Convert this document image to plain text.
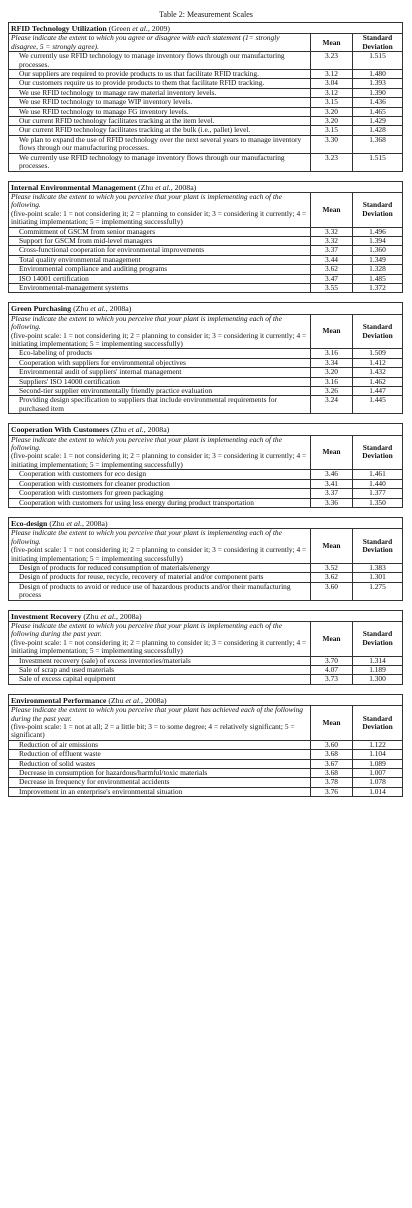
Table 2: Measurement Scales
RFID Technology Utilization (Green et al., 2009)		
Please indicate the extent to which you agree or disagree with each statement (1= strongly disagree, 5 = strongly agree).	Mean	Standard Deviation
We currently use RFID technology to manage inventory flows through our manufacturing processes.	3.23	1.515
Our suppliers are required to provide products to us that facilitate RFID tracking.	3.12	1.480
Our customers require us to provide products to them that facilitate RFID tracking.	3.04	1.393
We use RFID technology to manage raw material inventory levels.	3.12	1.390
We use RFID technology to manage WIP inventory levels.	3.15	1.436
We use RFID technology to manage FG inventory levels.	3.20	1.465
Our current RFID technology facilitates tracking at the item level.	3.20	1.429
Our current RFID technology facilitates tracking at the bulk (i.e., pallet) level.	3.15	1.428
We plan to expand the use of RFID technology over the next several years to manage inventory flows through our manufacturing processes.	3.30	1.368
We currently use RFID technology to manage inventory flows through our manufacturing processes.	3.23	1.515
Internal Environmental Management (Zhu et al., 2008a)		
Please indicate the extent to which you perceive that your plant is implementing each of the following.
(five-point scale: 1 = not considering it; 2 = planning to consider it; 3 = considering it currently; 4 = initiating implementation; 5 = implementing successfully)	Mean	Standard Deviation
Commitment of GSCM from senior managers	3.32	1.496
Support for GSCM from mid-level managers	3.32	1.394
Cross-functional cooperation for environmental improvements	3.37	1.360
Total quality environmental management	3.44	1.349
Environmental compliance and auditing programs	3.62	1.328
ISO 14001 certification	3.47	1.485
Environmental-management systems	3.55	1.372
Green Purchasing (Zhu et al., 2008a)		
Please indicate the extent to which you perceive that your plant is implementing each of the following.
(five-point scale: 1 = not considering it; 2 = planning to consider it; 3 = considering it currently; 4 = initiating implementation; 5 = implementing successfully)	Mean	Standard Deviation
Eco-labeling of products	3.16	1.509
Cooperation with suppliers for environmental objectives	3.34	1.412
Environmental audit of suppliers' internal management	3.20	1.432
Suppliers' ISO 14000 certification	3.16	1.462
Second-tier supplier environmentally friendly practice evaluation	3.26	1.447
Providing design specification to suppliers that include environmental requirements for purchased item	3.24	1.445
Cooperation With Customers (Zhu et al., 2008a)		
Please indicate the extent to which you perceive that your plant is implementing each of the following.
(five-point scale: 1 = not considering it; 2 = planning to consider it; 3 = considering it currently; 4 = initiating implementation; 5 = implementing successfully)	Mean	Standard Deviation
Cooperation with customers for eco design	3.46	1.461
Cooperation with customers for cleaner production	3.41	1.440
Cooperation with customers for green packaging	3.37	1.377
Cooperation with customers for using less energy during product transportation	3.36	1.350
Eco-design (Zhu et al., 2008a)		
Please indicate the extent to which you perceive that your plant is implementing each of the following.
(five-point scale: 1 = not considering it; 2 = planning to consider it; 3 = considering it currently; 4 = initiating implementation; 5 = implementing successfully)	Mean	Standard Deviation
Design of products for reduced consumption of materials/energy	3.52	1.383
Design of products for reuse, recycle, recovery of material and/or component parts	3.62	1.301
Design of products to avoid or reduce use of hazardous products and/or their manufacturing process	3.60	1.275
Investment Recovery (Zhu et al., 2008a)		
Please indicate the extent to which you perceive that your plant is implementing each of the following during the past year.
(five-point scale: 1 = not considering it; 2 = planning to consider it; 3 = considering it currently; 4 = initiating implementation; 5 = implementing successfully)	Mean	Standard Deviation
Investment recovery (sale) of excess inventories/materials	3.70	1.314
Sale of scrap and used materials	4.07	1.189
Sale of excess capital equipment	3.73	1.300
Environmental Performance (Zhu et al., 2008a)		
Please indicate the extent to which you perceive that your plant has achieved each of the following during the past year.
(five-point scale: 1 = not at all; 2 = a little bit; 3 = to some degree; 4 = relatively significant; 5 = significant)	Mean	Standard Deviation
Reduction of air emissions	3.60	1.122
Reduction of effluent waste	3.68	1.104
Reduction of solid wastes	3.67	1.089
Decrease in consumption for hazardous/harmful/toxic materials	3.68	1.007
Decrease in frequency for environmental accidents	3.78	1.078
Improvement in an enterprise's environmental situation	3.76	1.014
